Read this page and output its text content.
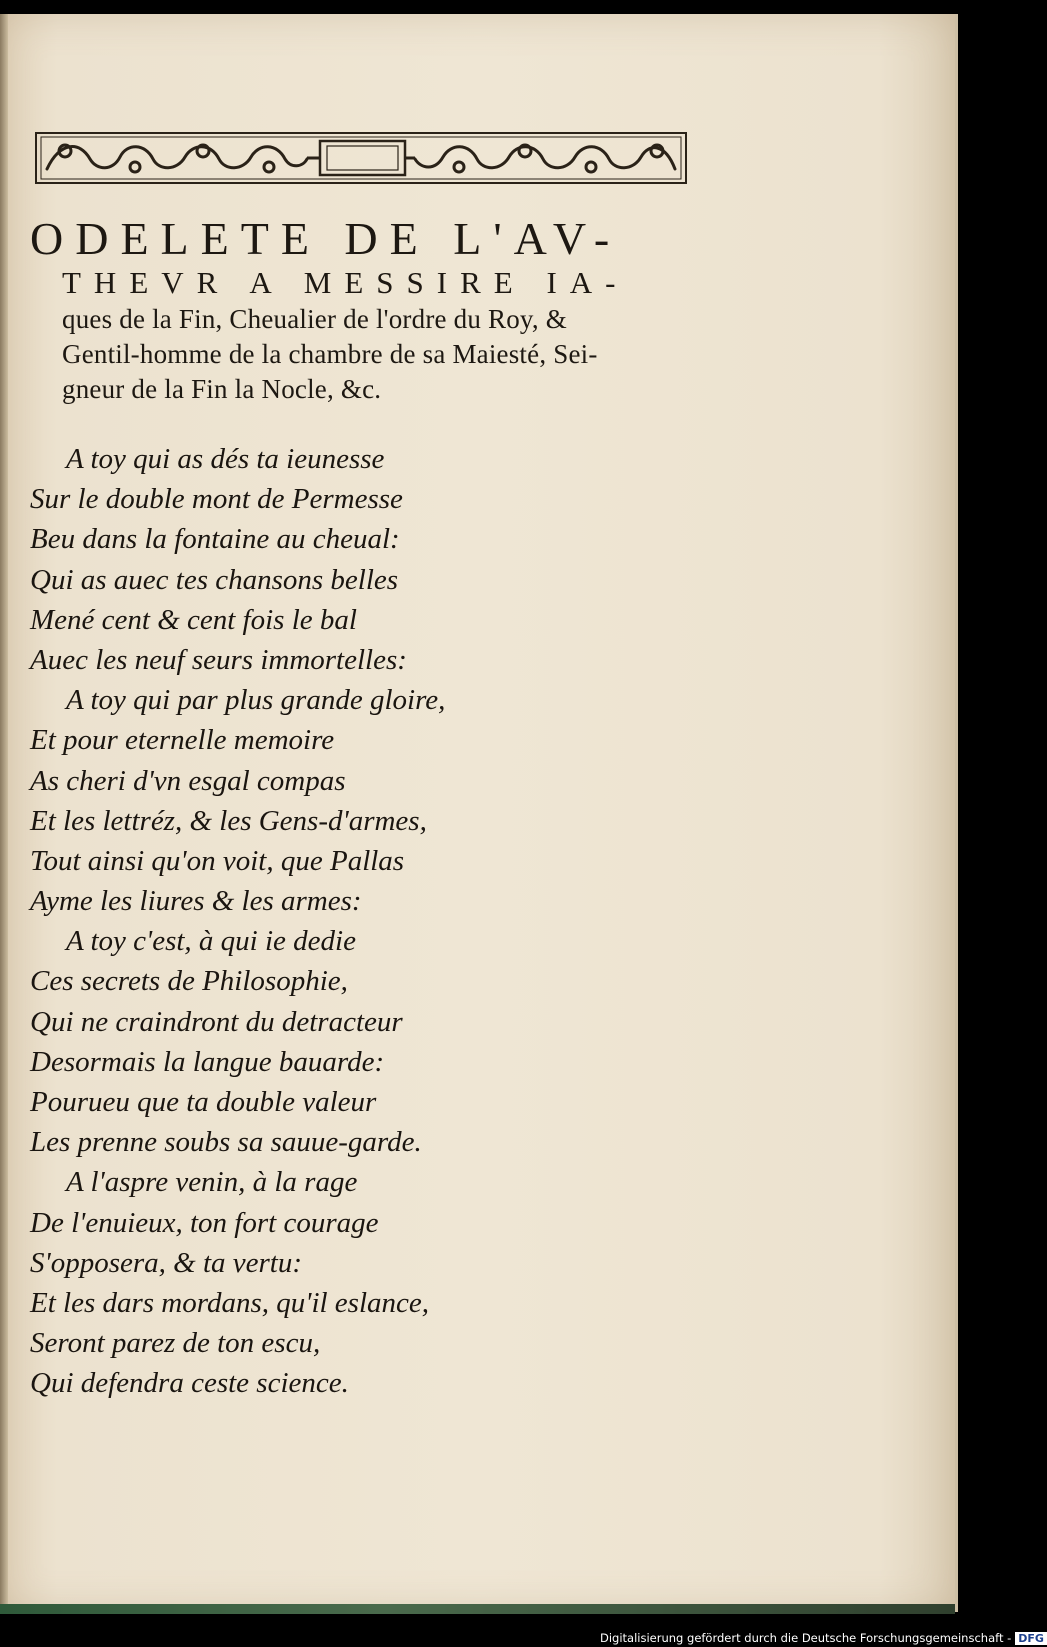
ODELETE DE L'AV-
THEVR A MESSIRE IA-
ques de la Fin, Cheualier de l'ordre du Roy, &
Gentil-homme de la chambre de sa Maiesté, Sei-
gneur de la Fin la Nocle, &c.
A toy qui as dés ta ieunesse
Sur le double mont de Permesse
Beu dans la fontaine au cheual:
Qui as auec tes chansons belles
Mené cent & cent fois le bal
Auec les neuf seurs immortelles:
A toy qui par plus grande gloire,
Et pour eternelle memoire
As cheri d'vn esgal compas
Et les lettréz, & les Gens-d'armes,
Tout ainsi qu'on voit, que Pallas
Ayme les liures & les armes:
A toy c'est, à qui ie dedie
Ces secrets de Philosophie,
Qui ne craindront du detracteur
Desormais la langue bauarde:
Pourueu que ta double valeur
Les prenne soubs sa sauue-garde.
A l'aspre venin, à la rage
De l'enuieux, ton fort courage
S'opposera, & ta vertu:
Et les dars mordans, qu'il eslance,
Seront parez de ton escu,
Qui defendra ceste science.
Digitalisierung gefördert durch die Deutsche Forschungsgemeinschaft - DFG
